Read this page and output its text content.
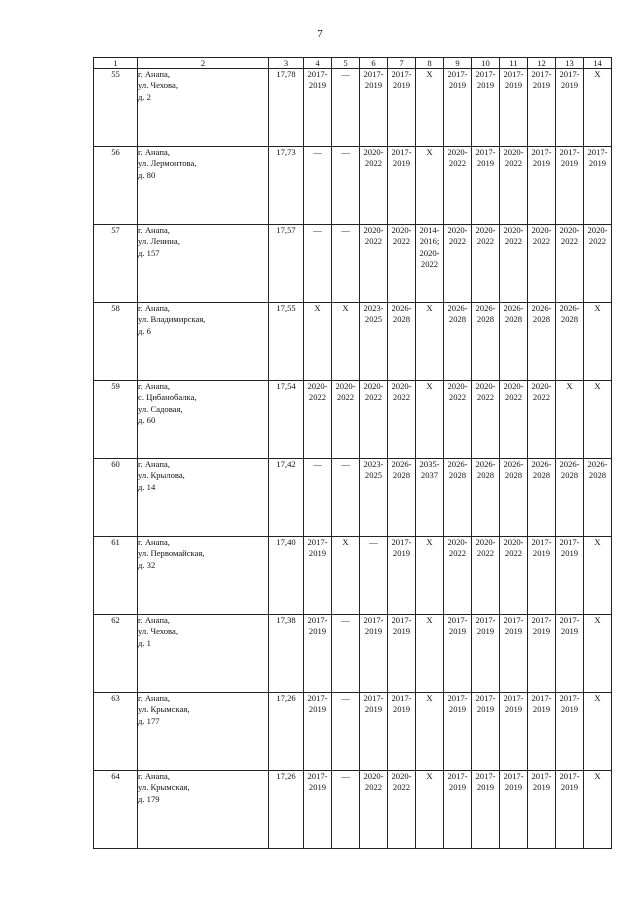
7
1	2	3	4	5	6	7	8	9	10	11	12	13	14
55	г. Анапа,
ул. Чехова,
д. 2	17,78	2017-
2019	—	2017-
2019	2017-
2019	X	2017-
2019	2017-
2019	2017-
2019	2017-
2019	2017-
2019	X

56	г. Анапа,
ул. Лермонтова,
д. 80	17,73	—	—	2020-
2022	2017-
2019	X	2020-
2022	2017-
2019	2020-
2022	2017-
2019	2017-
2019	2017-
2019

57	г. Анапа,
ул. Ленина,
д. 157	17,57	—	—	2020-
2022	2020-
2022	2014-
2016;
2020-
2022	2020-
2022	2020-
2022	2020-
2022	2020-
2022	2020-
2022	2020-
2022

58	г. Анапа,
ул. Владимирская,
д. 6	17,55	X	X	2023-
2025	2026-
2028	X	2026-
2028	2026-
2028	2026-
2028	2026-
2028	2026-
2028	X

59	г. Анапа,
с. Цибанобалка,
ул. Садовая,
д. 60	17,54	2020-
2022	2020-
2022	2020-
2022	2020-
2022	X	2020-
2022	2020-
2022	2020-
2022	2020-
2022	X	X

60	г. Анапа,
ул. Крылова,
д. 14	17,42	—	—	2023-
2025	2026-
2028	2035-
2037	2026-
2028	2026-
2028	2026-
2028	2026-
2028	2026-
2028	2026-
2028

61	г. Анапа,
ул. Первомайская,
д. 32	17,40	2017-
2019	X	—	2017-
2019	X	2020-
2022	2020-
2022	2020-
2022	2017-
2019	2017-
2019	X

62	г. Анапа,
ул. Чехова,
д. 1	17,38	2017-
2019	—	2017-
2019	2017-
2019	X	2017-
2019	2017-
2019	2017-
2019	2017-
2019	2017-
2019	X

63	г. Анапа,
ул. Крымская,
д. 177	17,26	2017-
2019	—	2017-
2019	2017-
2019	X	2017-
2019	2017-
2019	2017-
2019	2017-
2019	2017-
2019	X

64	г. Анапа,
ул. Крымская,
д. 179	17,26	2017-
2019	—	2020-
2022	2020-
2022	X	2017-
2019	2017-
2019	2017-
2019	2017-
2019	2017-
2019	X
